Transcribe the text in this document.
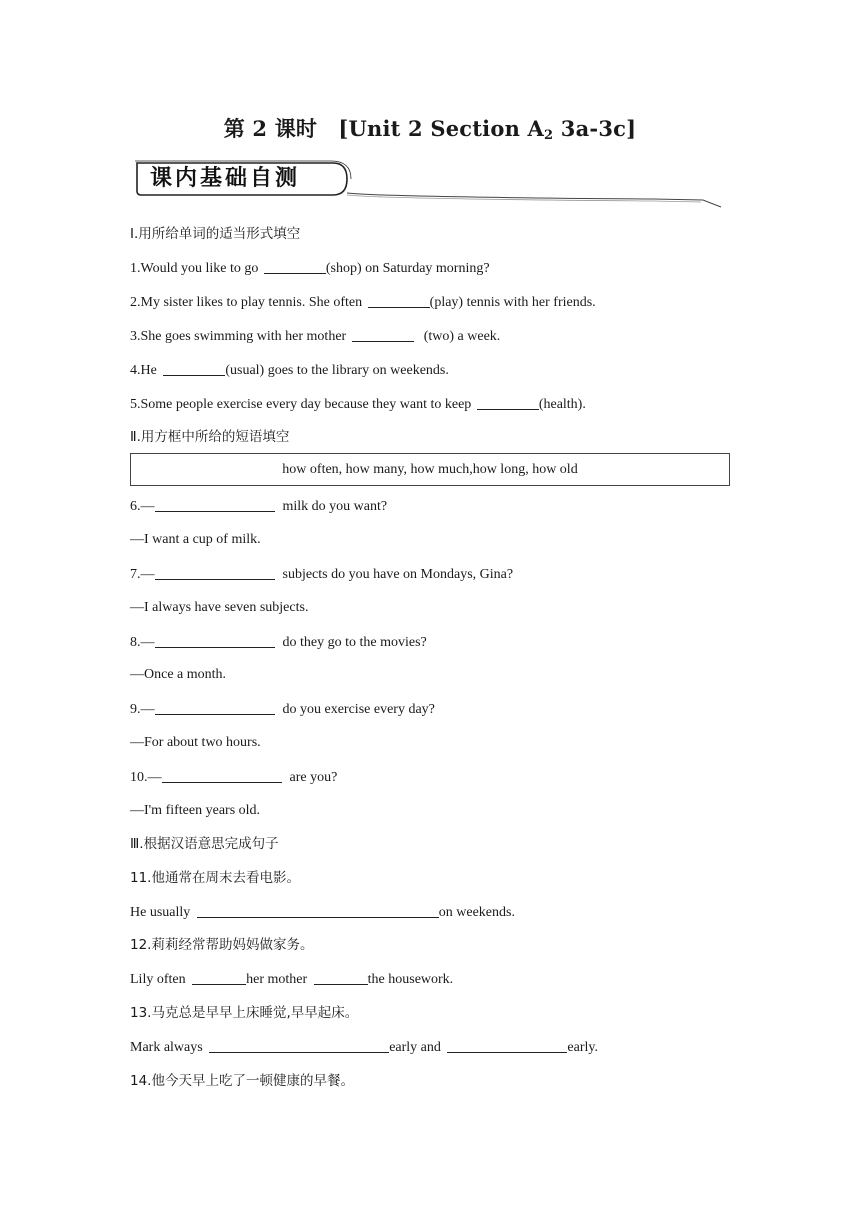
第 2 课时　[Unit 2 Section $A_2$ 3a-3c]
课内基础自测
Ⅰ.用所给单词的适当形式填空
1.Would you like to go	(shop) on Saturday morning?
2.My sister likes to play tennis. She often	(play) tennis with her friends.
3.She goes swimming with her mother	(two) a week.
4.He	(usual) goes to the library on weekends.
5.Some people exercise every day because they want to keep	(health).
Ⅱ.用方框中所给的短语填空
how often, how many, how much,how long, how old
6.—	milk do you want?
—I want a cup of milk.
7.—	subjects do you have on Mondays, Gina?
—I always have seven subjects.
8.—	do they go to the movies?
—Once a month.
9.—	do you exercise every day?
—For about two hours.
10.—	are you?
—I'm fifteen years old.
Ⅲ.根据汉语意思完成句子
11.他通常在周末去看电影。
He usually	on weekends.
12.莉莉经常帮助妈妈做家务。
Lily often	her mother	the housework.
13.马克总是早早上床睡觉,早早起床。
Mark always	early and	early.
14.他今天早上吃了一顿健康的早餐。
